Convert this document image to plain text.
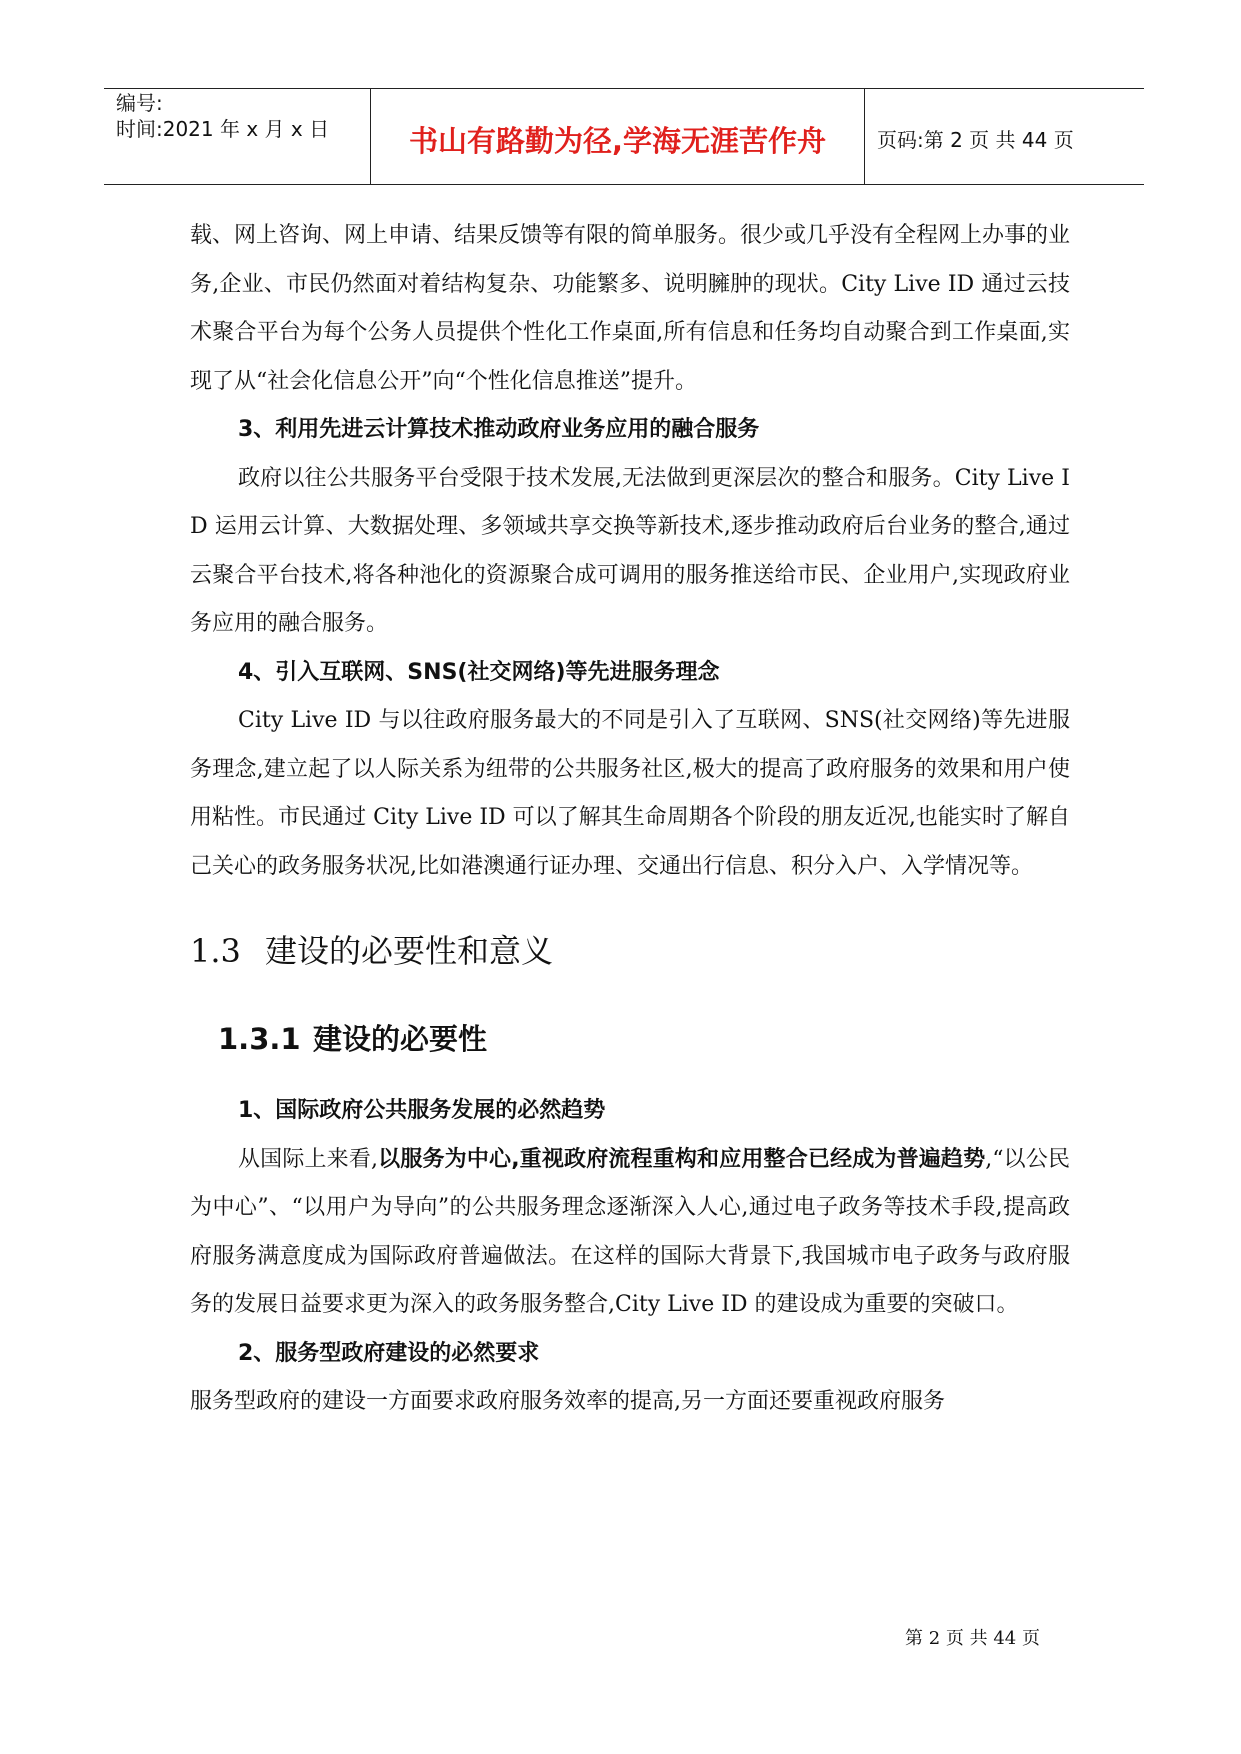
编号:
时间:2021 年 x 月 x 日	书山有路勤为径,学海无涯苦作舟	页码:第 2 页 共 44 页

载、网上咨询、网上申请、结果反馈等有限的简单服务。很少或几乎没有全程网上办事的业务,企业、市民仍然面对着结构复杂、功能繁多、说明臃肿的现状。City Live ID 通过云技术聚合平台为每个公务人员提供个性化工作桌面,所有信息和任务均自动聚合到工作桌面,实现了从“社会化信息公开”向“个性化信息推送”提升。

3、利用先进云计算技术推动政府业务应用的融合服务

政府以往公共服务平台受限于技术发展,无法做到更深层次的整合和服务。City Live ID 运用云计算、大数据处理、多领域共享交换等新技术,逐步推动政府后台业务的整合,通过云聚合平台技术,将各种池化的资源聚合成可调用的服务推送给市民、企业用户,实现政府业务应用的融合服务。

4、引入互联网、SNS(社交网络)等先进服务理念

City Live ID 与以往政府服务最大的不同是引入了互联网、SNS(社交网络)等先进服务理念,建立起了以人际关系为纽带的公共服务社区,极大的提高了政府服务的效果和用户使用粘性。市民通过 City Live ID 可以了解其生命周期各个阶段的朋友近况,也能实时了解自己关心的政务服务状况,比如港澳通行证办理、交通出行信息、积分入户、入学情况等。

1.3 建设的必要性和意义
1.3.1 建设的必要性

1、国际政府公共服务发展的必然趋势

从国际上来看,以服务为中心,重视政府流程重构和应用整合已经成为普遍趋势,“以公民为中心”、“以用户为导向”的公共服务理念逐渐深入人心,通过电子政务等技术手段,提高政府服务满意度成为国际政府普遍做法。在这样的国际大背景下,我国城市电子政务与政府服务的发展日益要求更为深入的政务服务整合,City Live ID 的建设成为重要的突破口。

2、服务型政府建设的必然要求

服务型政府的建设一方面要求政府服务效率的提高,另一方面还要重视政府服务

第 2 页 共 44 页
